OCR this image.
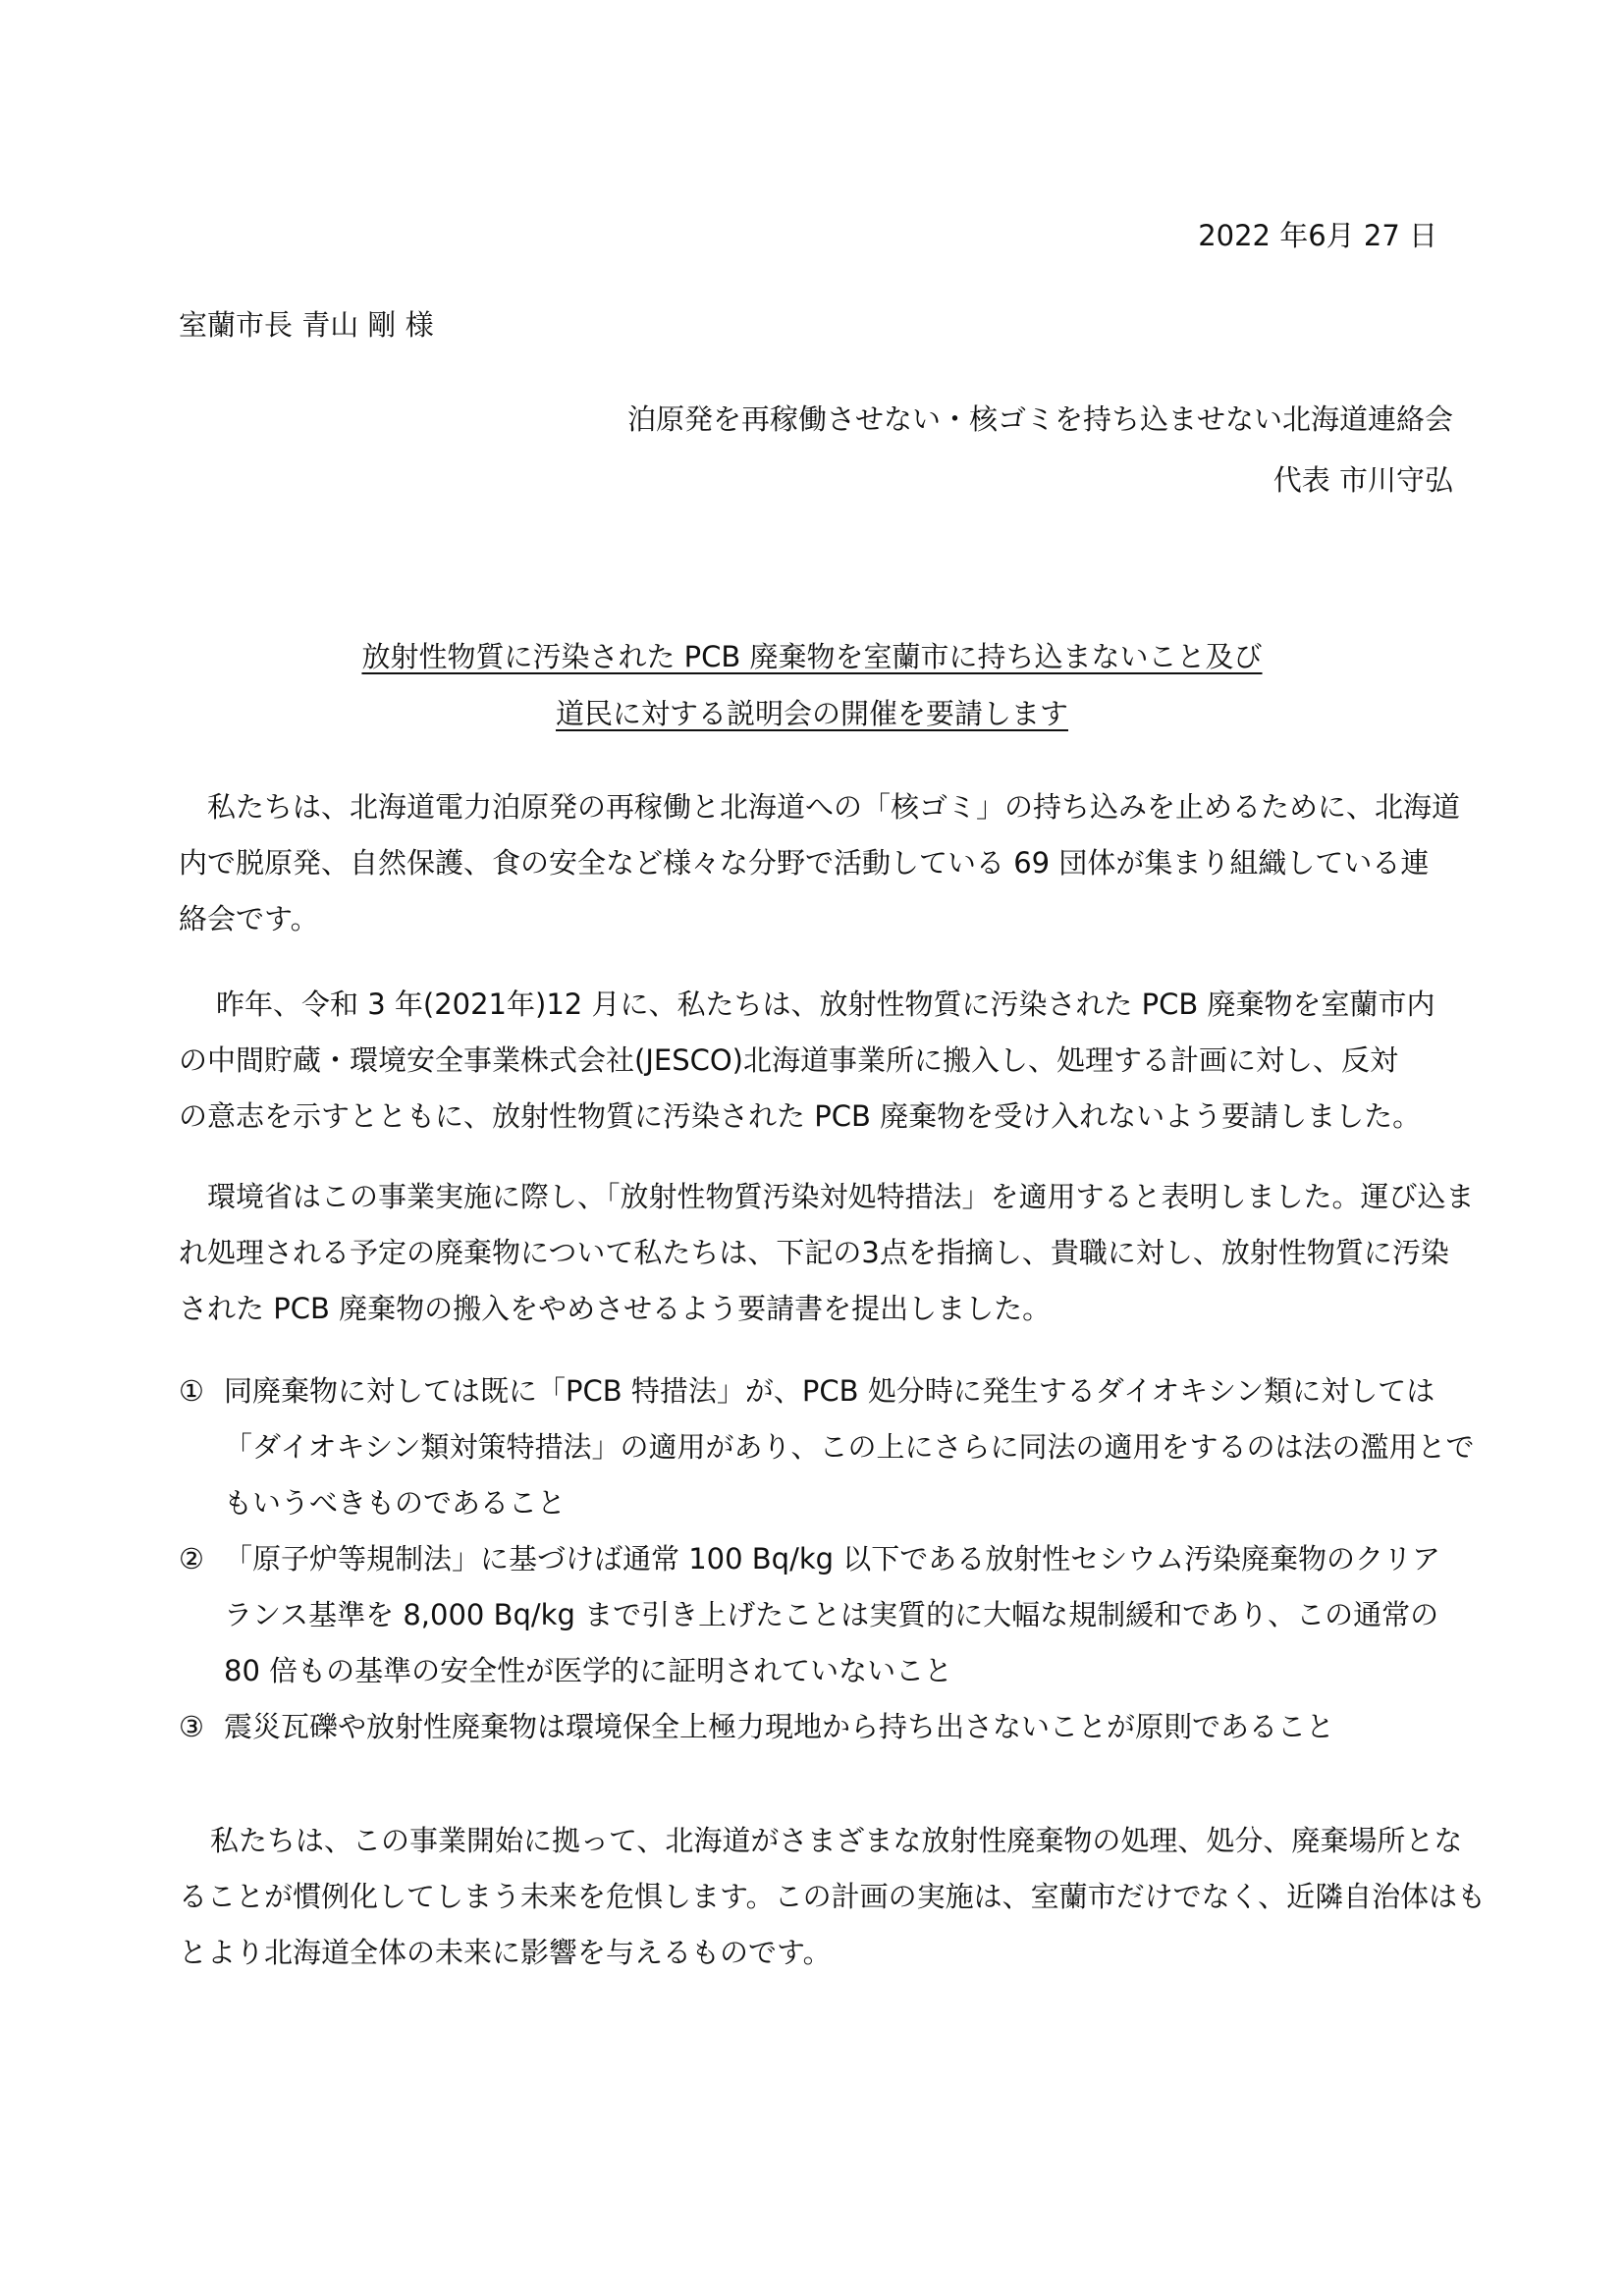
2022 年6月 27 日
室蘭市長 青山 剛 様
泊原発を再稼働させない・核ゴミを持ち込ませない北海道連絡会
代表 市川守弘
放射性物質に汚染された PCB 廃棄物を室蘭市に持ち込まないこと及び
道民に対する説明会の開催を要請します
私たちは、北海道電力泊原発の再稼働と北海道への「核ゴミ」の持ち込みを止めるために、北海道
内で脱原発、自然保護、食の安全など様々な分野で活動している 69 団体が集まり組織している連
絡会です。
昨年、令和 3 年(2021年)12 月に、私たちは、放射性物質に汚染された PCB 廃棄物を室蘭市内
の中間貯蔵・環境安全事業株式会社(JESCO)北海道事業所に搬入し、処理する計画に対し、反対
の意志を示すとともに、放射性物質に汚染された PCB 廃棄物を受け入れないよう要請しました。
環境省はこの事業実施に際し、「放射性物質汚染対処特措法」を適用すると表明しました。運び込ま
れ処理される予定の廃棄物について私たちは、下記の3点を指摘し、貴職に対し、放射性物質に汚染
された PCB 廃棄物の搬入をやめさせるよう要請書を提出しました。
① 同廃棄物に対しては既に「PCB 特措法」が、PCB 処分時に発生するダイオキシン類に対しては
「ダイオキシン類対策特措法」の適用があり、この上にさらに同法の適用をするのは法の濫用とで
もいうべきものであること
② 「原子炉等規制法」に基づけば通常 100 Bq/kg 以下である放射性セシウム汚染廃棄物のクリア
ランス基準を 8,000 Bq/kg まで引き上げたことは実質的に大幅な規制緩和であり、この通常の
80 倍もの基準の安全性が医学的に証明されていないこと
③ 震災瓦礫や放射性廃棄物は環境保全上極力現地から持ち出さないことが原則であること
私たちは、この事業開始に拠って、北海道がさまざまな放射性廃棄物の処理、処分、廃棄場所とな
ることが慣例化してしまう未来を危惧します。この計画の実施は、室蘭市だけでなく、近隣自治体はも
とより北海道全体の未来に影響を与えるものです。
